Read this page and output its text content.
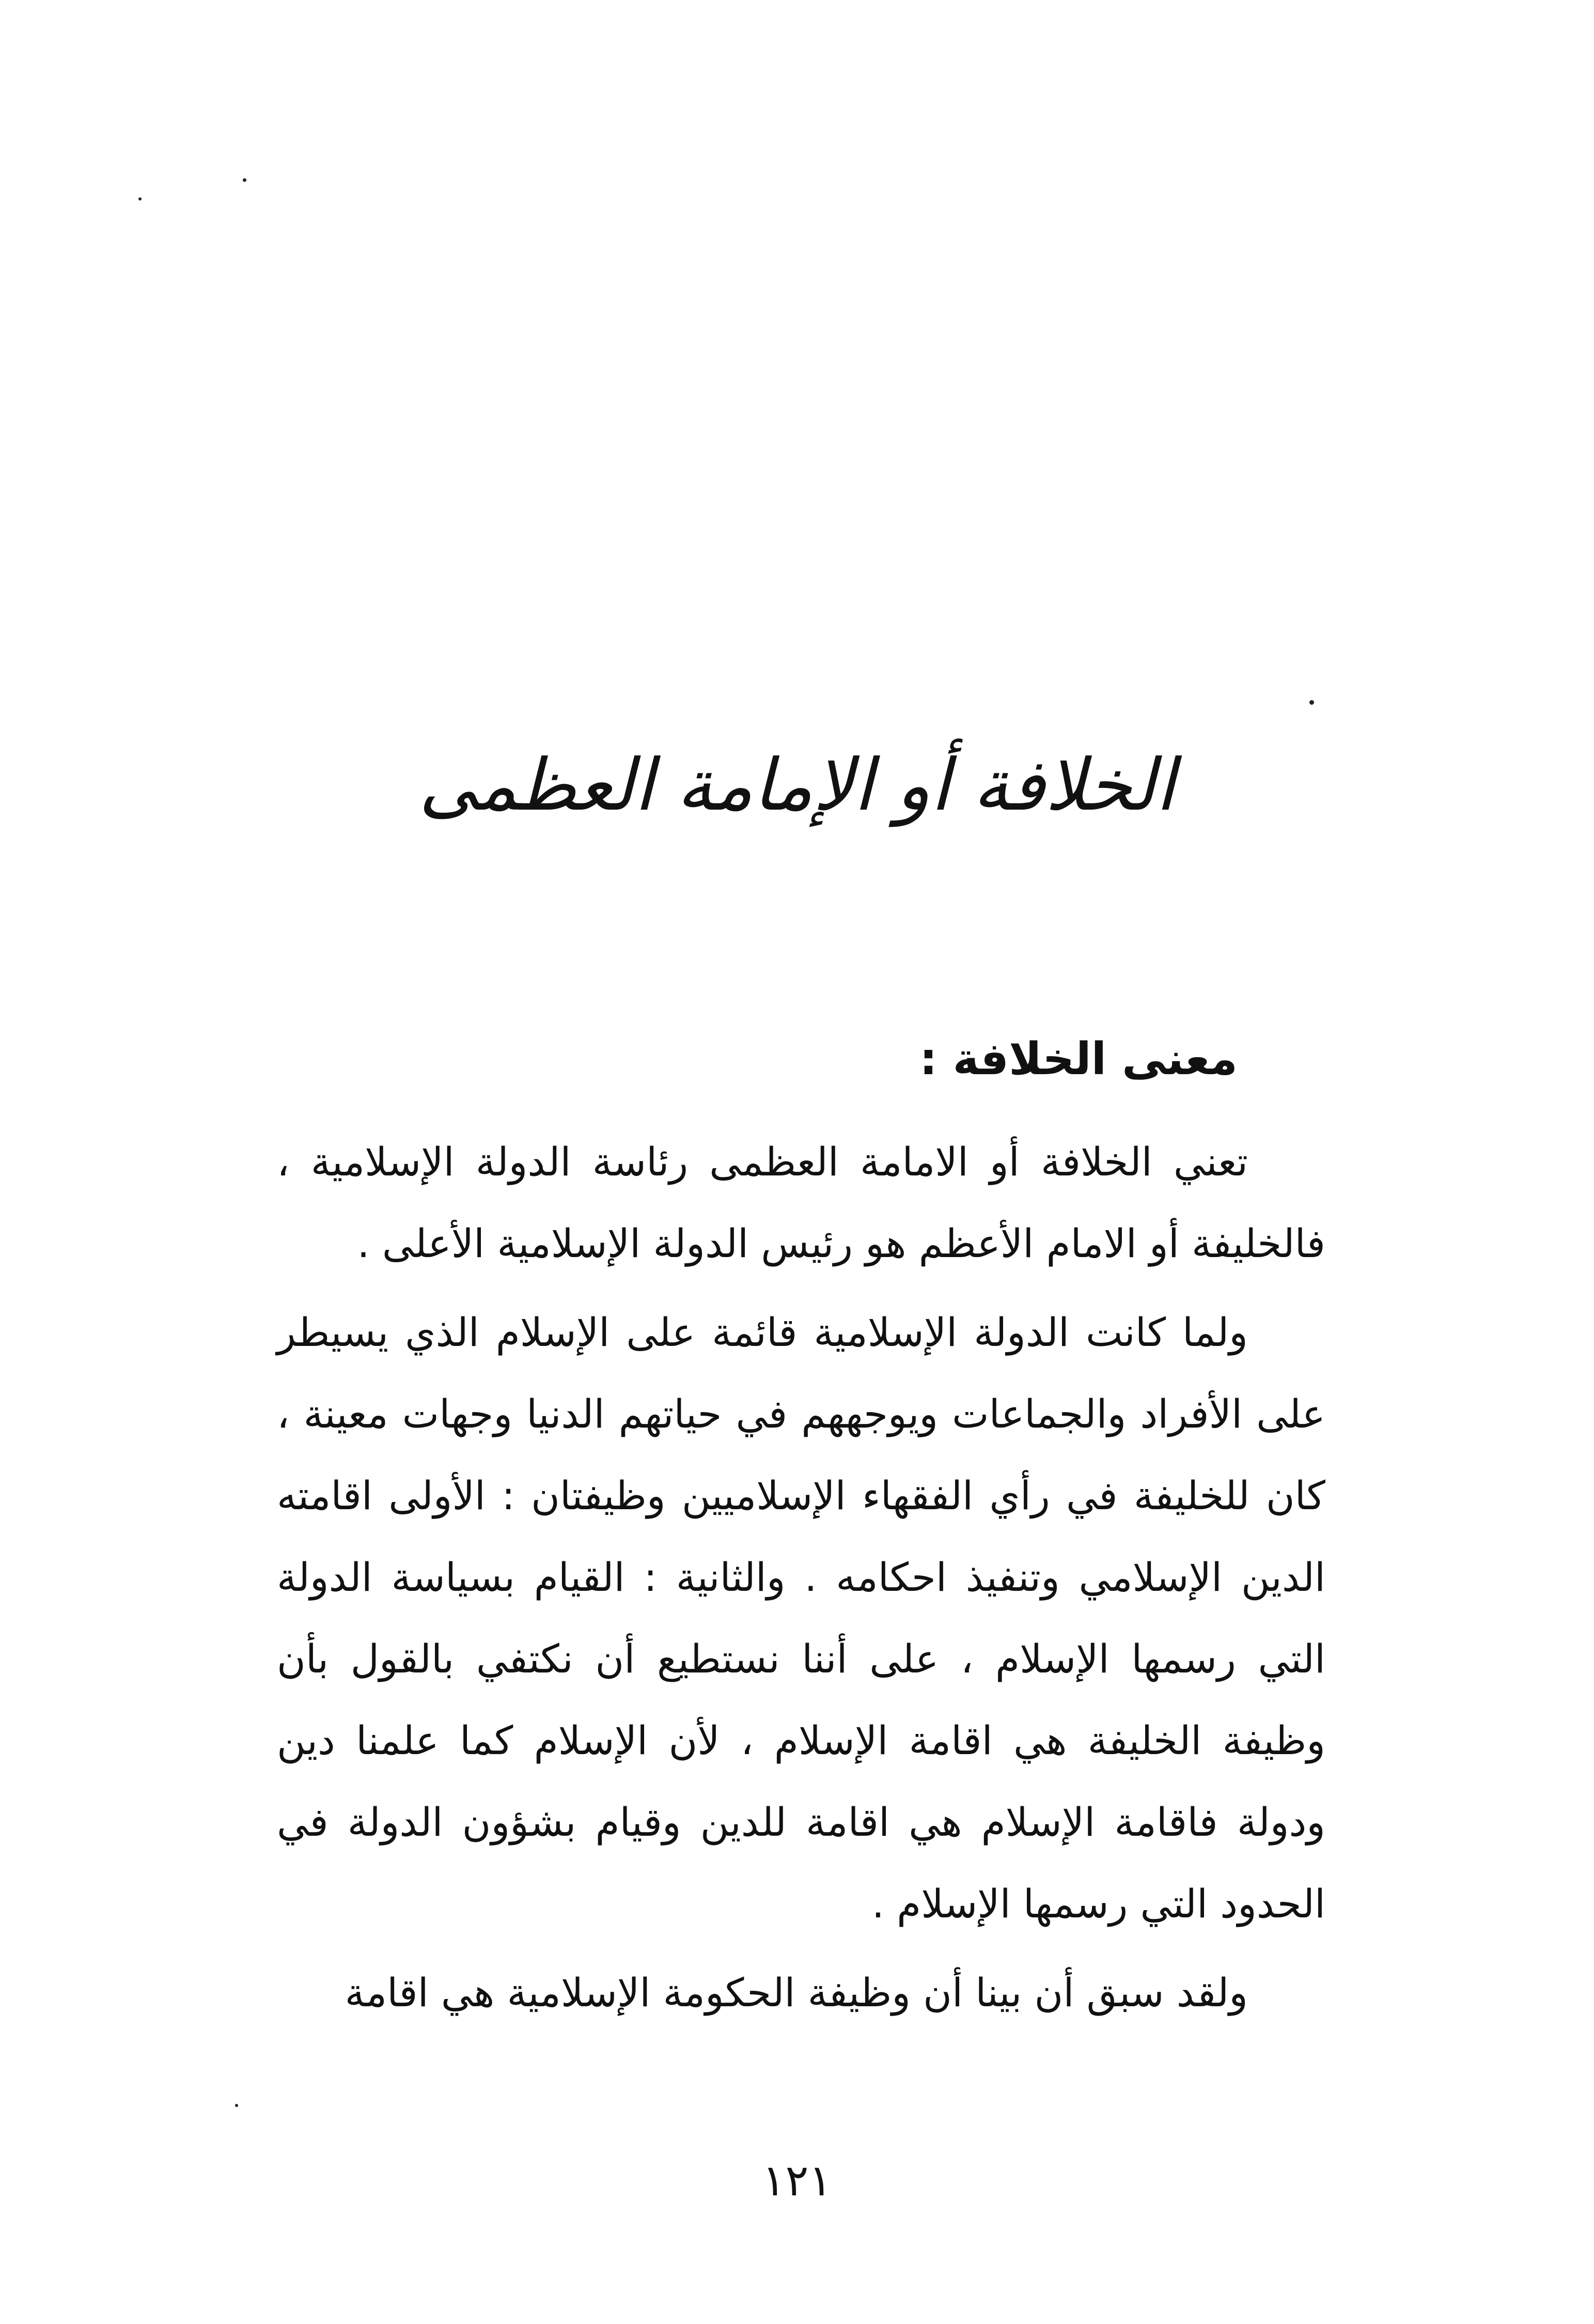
الخلافة أو الإمامة العظمى
معنى الخلافة :

تعني الخلافة أو الامامة العظمى رئاسة الدولة الإسلامية ، فالخليفة أو الامام الأعظم هو رئيس الدولة الإسلامية الأعلى .

ولما كانت الدولة الإسلامية قائمة على الإسلام الذي يسيطر على الأفراد والجماعات ويوجههم في حياتهم الدنيا وجهات معينة ، كان للخليفة في رأي الفقهاء الإسلاميين وظيفتان : الأولى اقامته الدين الإسلامي وتنفيذ احكامه . والثانية : القيام بسياسة الدولة التي رسمها الإسلام ، على أننا نستطيع أن نكتفي بالقول بأن وظيفة الخليفة هي اقامة الإسلام ، لأن الإسلام كما علمنا دين ودولة فاقامة الإسلام هي اقامة للدين وقيام بشؤون الدولة في الحدود التي رسمها الإسلام .

ولقد سبق أن بينا أن وظيفة الحكومة الإسلامية هي اقامة

١٢١
